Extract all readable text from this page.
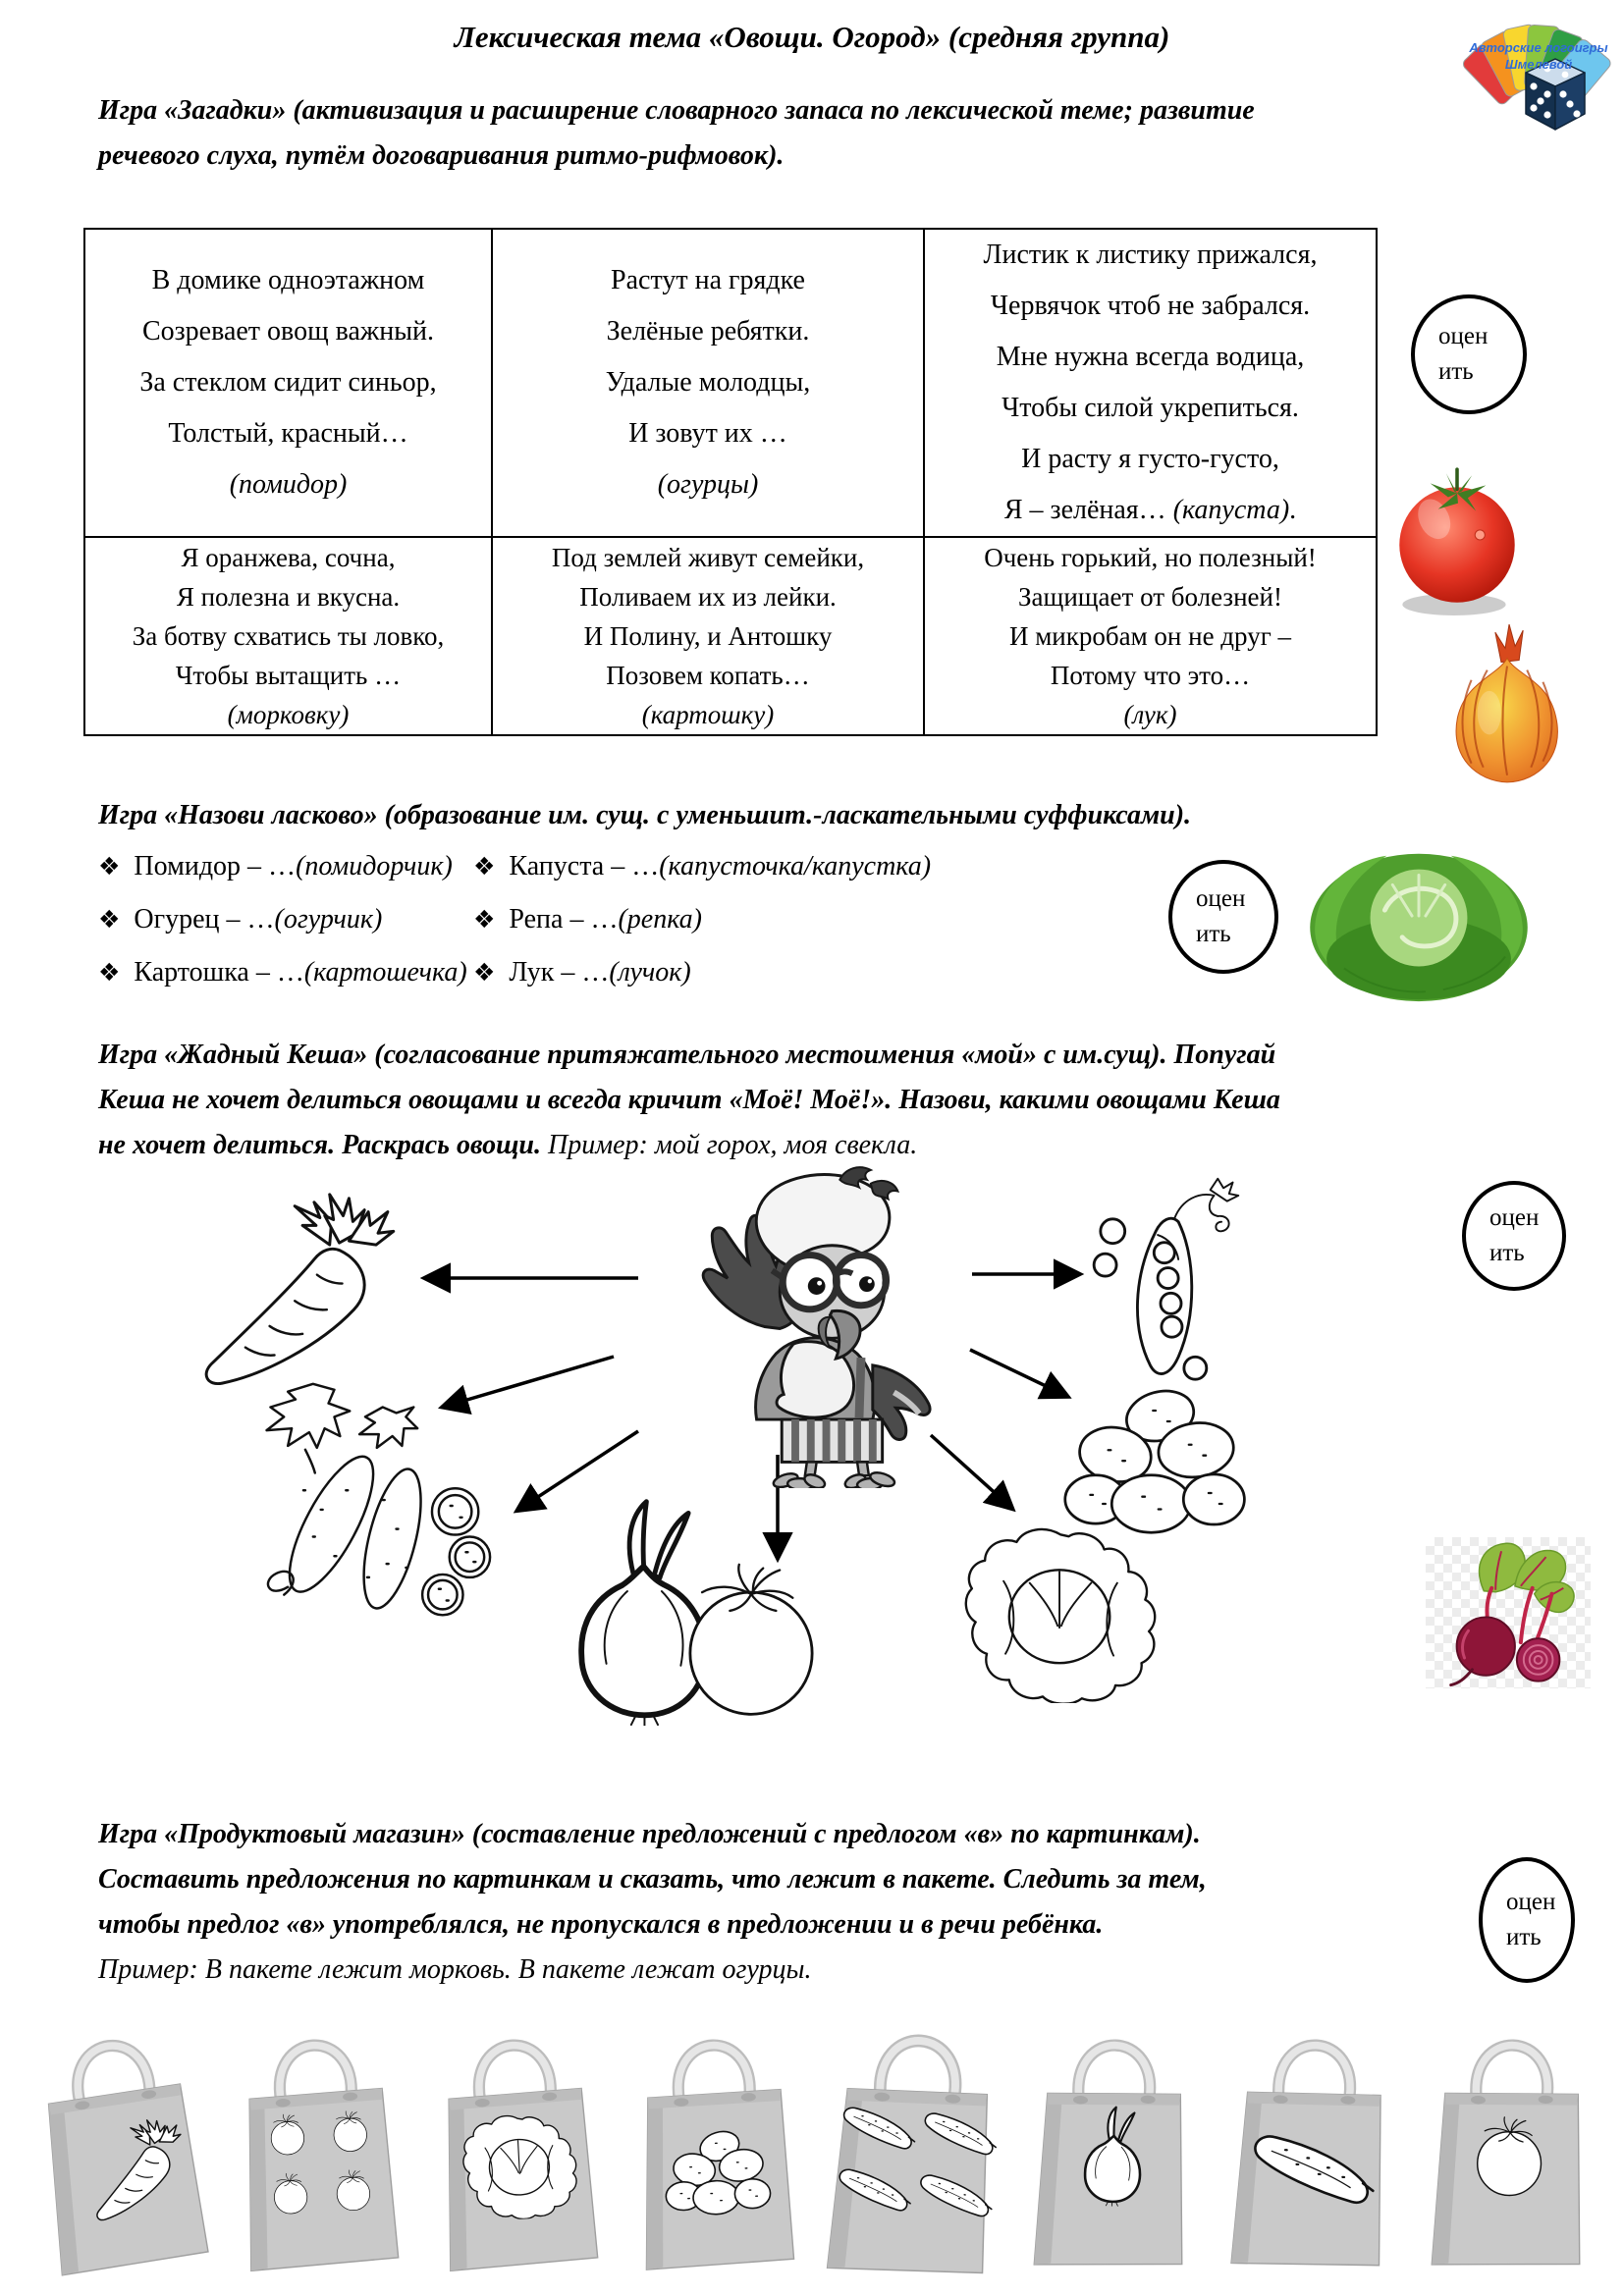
Лексическая тема «Овощи. Огород» (средняя группа)	Авторские логоигры
Шмелевой
Игра «Загадки» (активизация и расширение словарного запаса по лексической теме; развитие
речевого слуха, путём договаривания ритмо-рифмовок).
В домике одноэтажном
Созревает овощ важный.
За стеклом сидит синьор,
Толстый, красный…
(помидор)

Растут на грядке
Зелёные ребятки.
Удалые молодцы,
И зовут их …
(огурцы)

Листик к листику прижался,
Червячок чтоб не забрался.
Мне нужна всегда водица,
Чтобы силой укрепиться.
И расту я густо-густо,
Я – зелёная… (капуста).

Я оранжева, сочна,
Я полезна и вкусна.
За ботву схватись ты ловко,
Чтобы вытащить …
(морковку)

Под землей живут семейки,
Поливаем их из лейки.
И Полину, и Антошку
Позовем копать…
(картошку)

Очень горький, но полезный!
Защищает от болезней!
И микробам он не друг –
Потому что это…
(лук)
оцен
ить
оцен
ить
оцен
ить
оцен
ить
Игра «Назови ласково» (образование им. сущ. с уменьшит.-ласкательными суффиксами).
❖ Помидор – … (помидорчик)
❖ Огурец – … (огурчик)
❖ Картошка – … (картошечка)
❖ Капуста – … (капусточка/капустка)
❖ Репа – … (репка)
❖ Лук – … (лучок)
Игра «Жадный Кеша» (согласование притяжательного местоимения «мой» с им.сущ). Попугай
Кеша не хочет делиться овощами и всегда кричит «Моё! Моё!». Назови, какими овощами Кеша
не хочет делиться. Раскрась овощи. Пример: мой горох, моя свекла.
Игра «Продуктовый магазин» (составление предложений с предлогом «в» по картинкам).
Составить предложения по картинкам и сказать, что лежит в пакете. Следить за тем,
чтобы предлог «в» употреблялся, не пропускался в предложении и в речи ребёнка.
Пример: В пакете лежит морковь. В пакете лежат огурцы.
